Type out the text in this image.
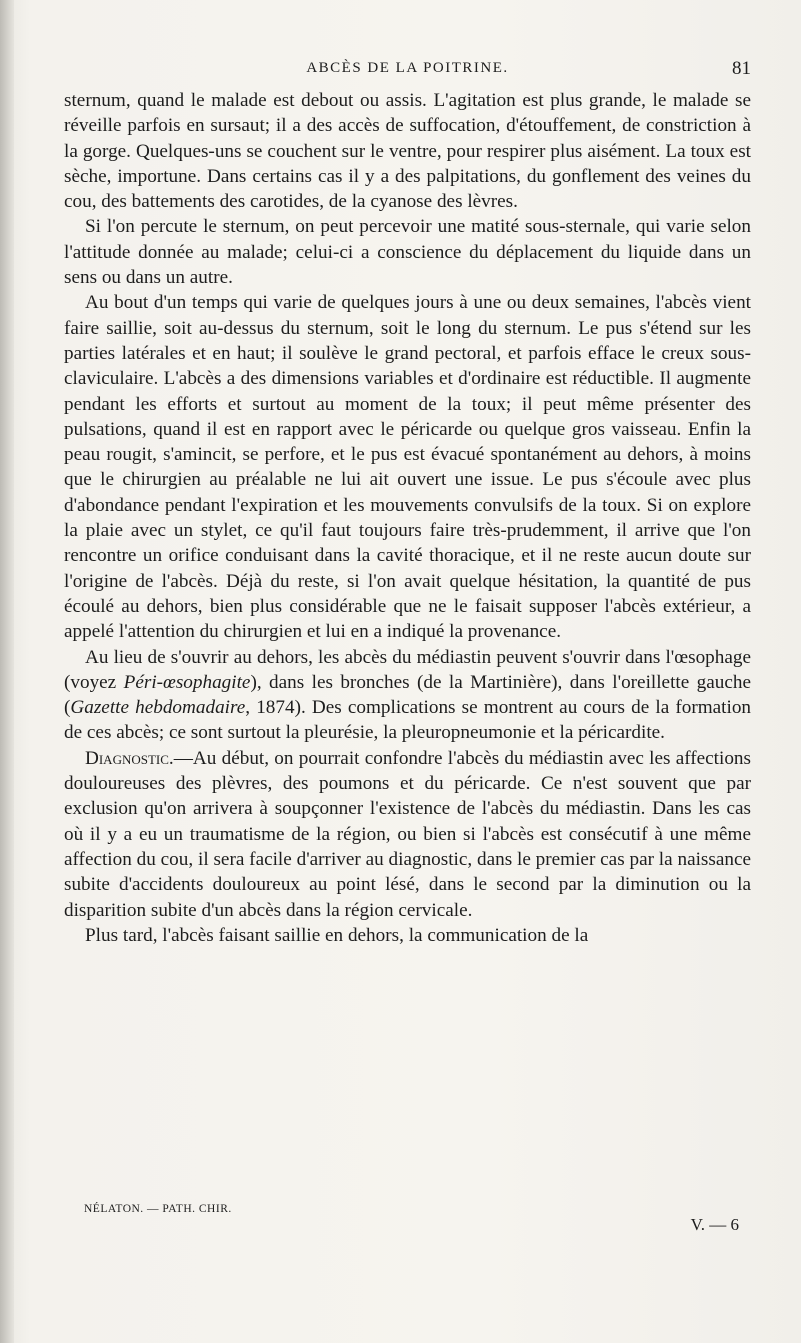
ABCÈS DE LA POITRINE.	81

sternum, quand le malade est debout ou assis. L'agitation est plus grande, le malade se réveille parfois en sursaut; il a des accès de suffocation, d'étouffement, de constriction à la gorge. Quelques-uns se couchent sur le ventre, pour respirer plus aisément. La toux est sèche, importune. Dans certains cas il y a des palpitations, du gonflement des veines du cou, des battements des carotides, de la cyanose des lèvres.

Si l'on percute le sternum, on peut percevoir une matité sous-sternale, qui varie selon l'attitude donnée au malade; celui-ci a conscience du déplacement du liquide dans un sens ou dans un autre.

Au bout d'un temps qui varie de quelques jours à une ou deux semaines, l'abcès vient faire saillie, soit au-dessus du sternum, soit le long du sternum. Le pus s'étend sur les parties latérales et en haut; il soulève le grand pectoral, et parfois efface le creux sous-claviculaire. L'abcès a des dimensions variables et d'ordinaire est réductible. Il augmente pendant les efforts et surtout au moment de la toux; il peut même présenter des pulsations, quand il est en rapport avec le péricarde ou quelque gros vaisseau. Enfin la peau rougit, s'amincit, se perfore, et le pus est évacué spontanément au dehors, à moins que le chirurgien au préalable ne lui ait ouvert une issue. Le pus s'écoule avec plus d'abondance pendant l'expiration et les mouvements convulsifs de la toux. Si on explore la plaie avec un stylet, ce qu'il faut toujours faire très-prudemment, il arrive que l'on rencontre un orifice conduisant dans la cavité thoracique, et il ne reste aucun doute sur l'origine de l'abcès. Déjà du reste, si l'on avait quelque hésitation, la quantité de pus écoulé au dehors, bien plus considérable que ne le faisait supposer l'abcès extérieur, a appelé l'attention du chirurgien et lui en a indiqué la provenance.

Au lieu de s'ouvrir au dehors, les abcès du médiastin peuvent s'ouvrir dans l'œsophage (voyez Péri-œsophagite), dans les bronches (de la Martinière), dans l'oreillette gauche (Gazette hebdomadaire, 1874). Des complications se montrent au cours de la formation de ces abcès; ce sont surtout la pleurésie, la pleuropneumonie et la péricardite.

Diagnostic.—Au début, on pourrait confondre l'abcès du médiastin avec les affections douloureuses des plèvres, des poumons et du péricarde. Ce n'est souvent que par exclusion qu'on arrivera à soupçonner l'existence de l'abcès du médiastin. Dans les cas où il y a eu un traumatisme de la région, ou bien si l'abcès est consécutif à une même affection du cou, il sera facile d'arriver au diagnostic, dans le premier cas par la naissance subite d'accidents douloureux au point lésé, dans le second par la diminution ou la disparition subite d'un abcès dans la région cervicale.

Plus tard, l'abcès faisant saillie en dehors, la communication de la

NÉLATON. — PATH. CHIR.
V. — 6
